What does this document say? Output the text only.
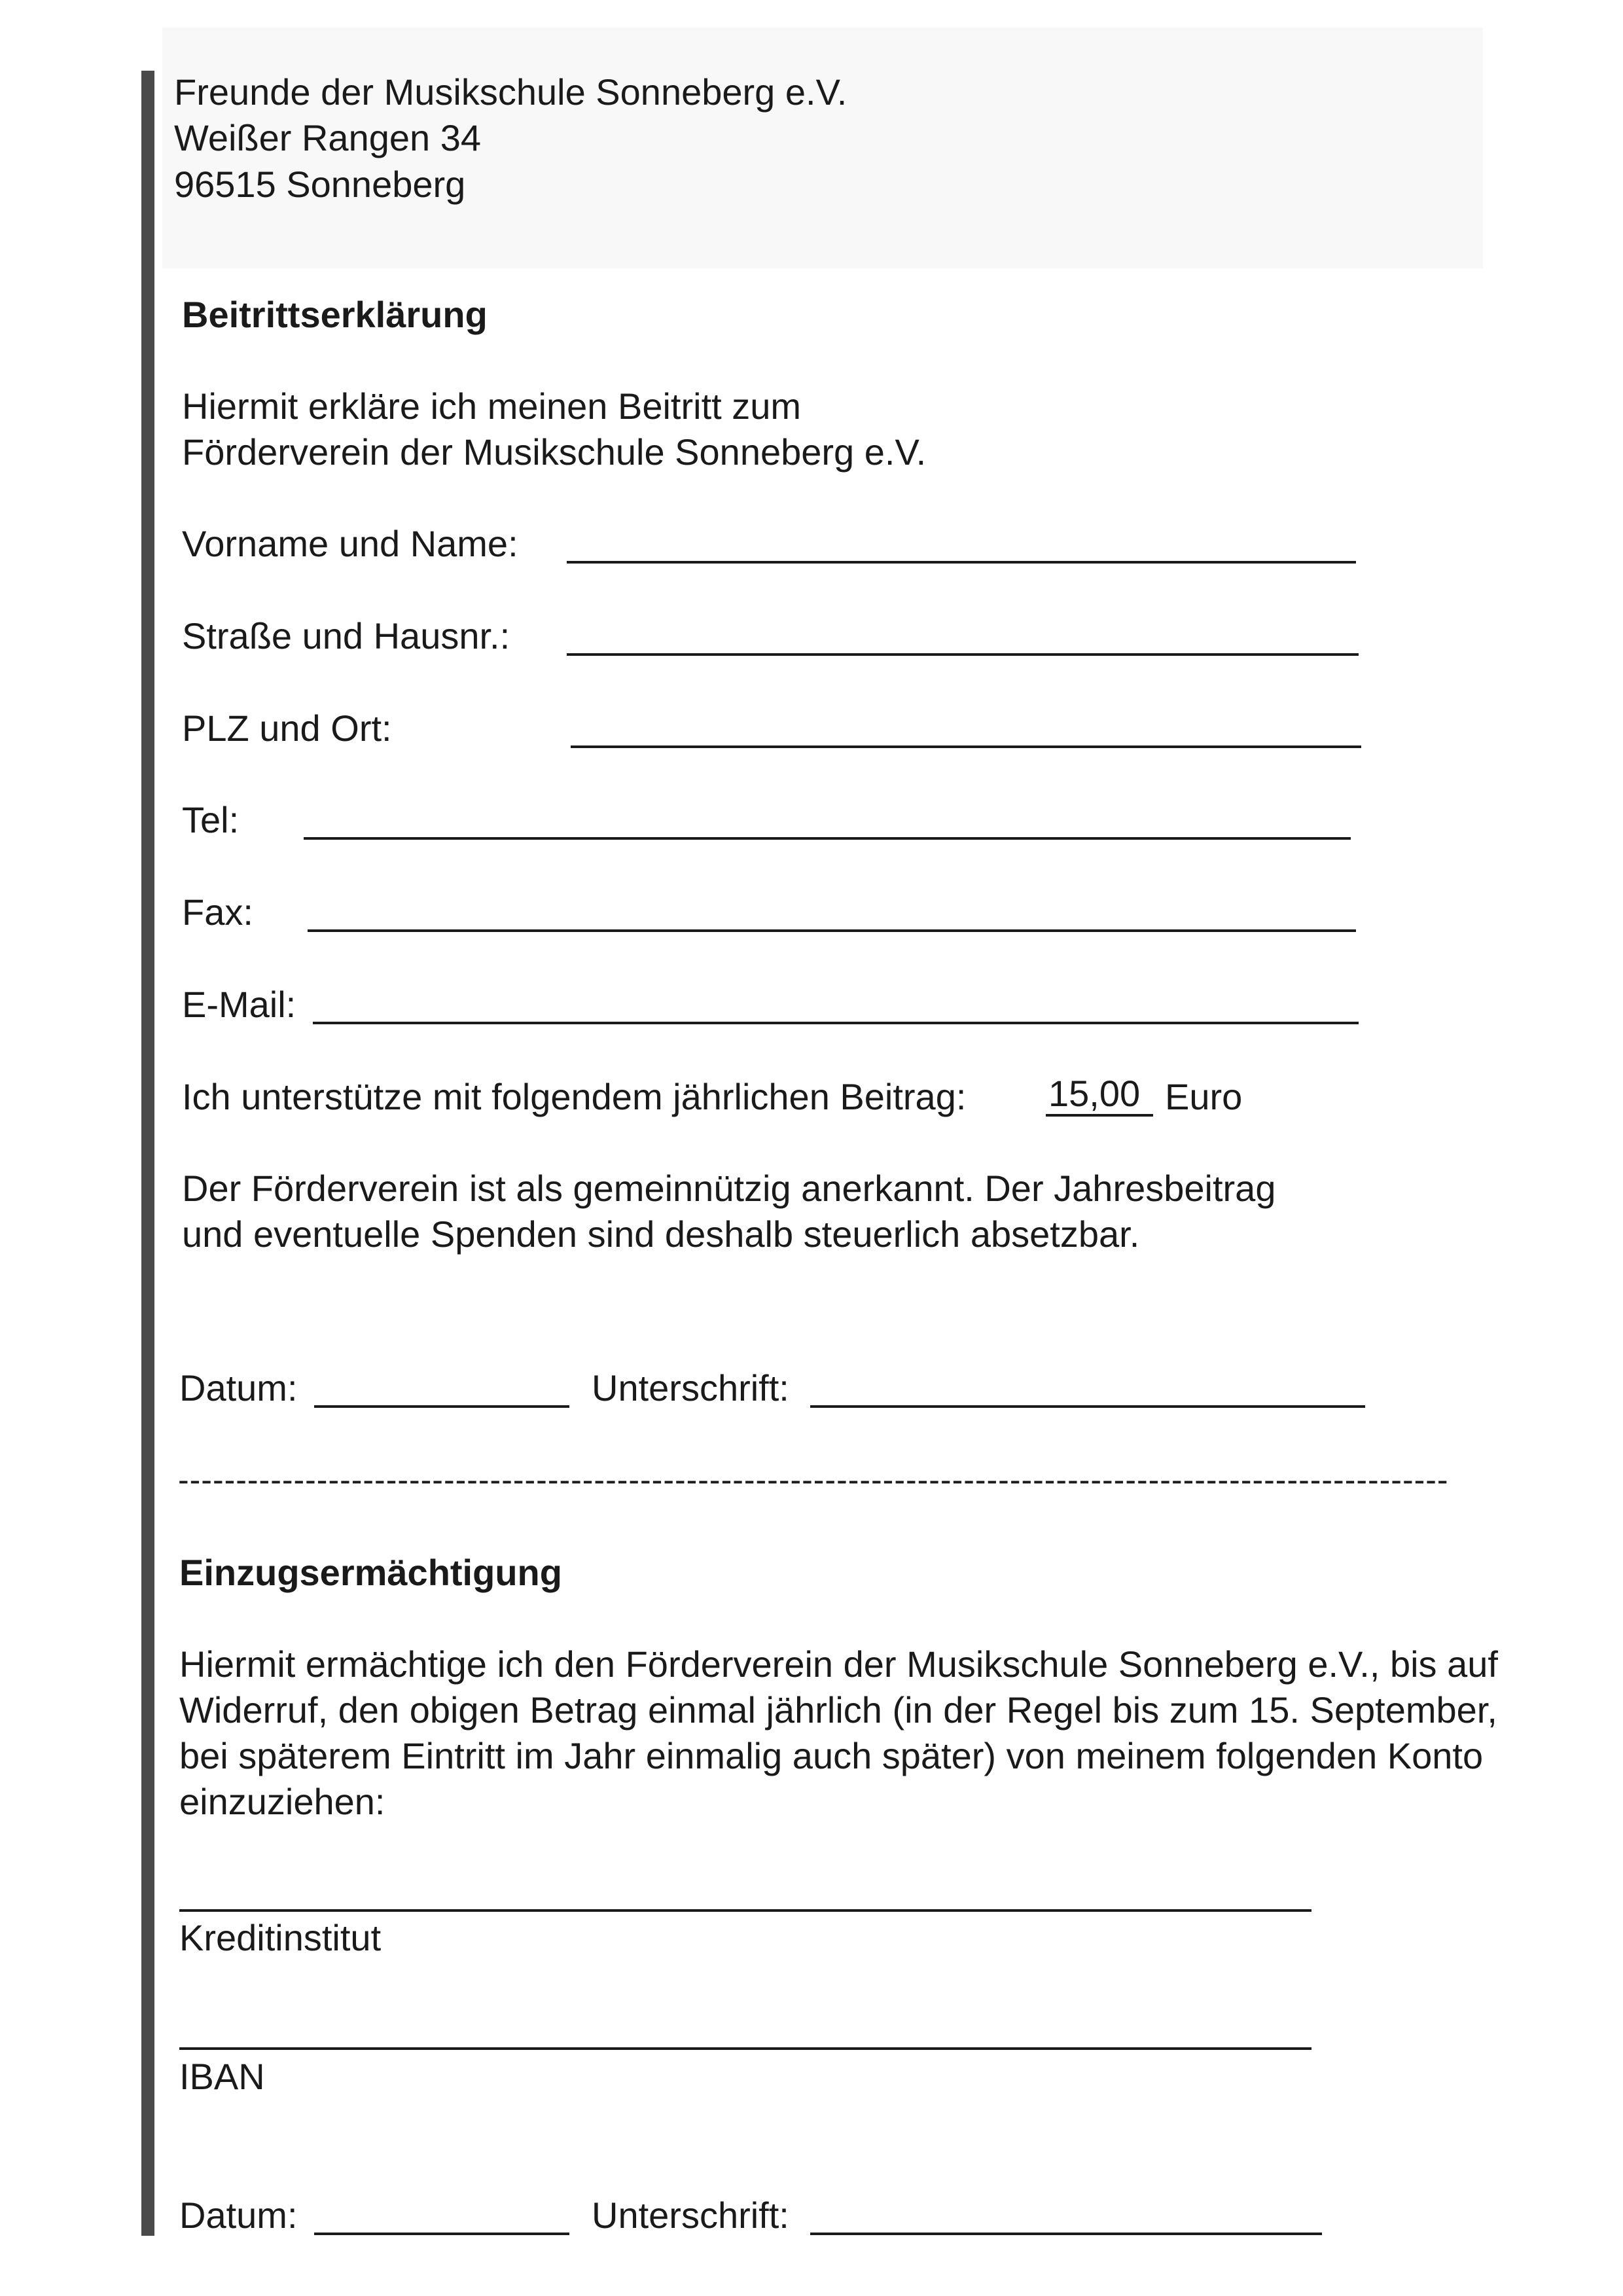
Freunde der Musikschule Sonneberg e.V.
Weißer Rangen 34
96515 Sonneberg
Beitrittserklärung
Hiermit erkläre ich meinen Beitritt zum
Förderverein der Musikschule Sonneberg e.V.
Vorname und Name:
Straße und Hausnr.:
PLZ und Ort:
Tel:
Fax:
E-Mail:
Ich unterstütze mit folgendem jährlichen Beitrag: 15,00 Euro
Der Förderverein ist als gemeinnützig anerkannt. Der Jahresbeitrag
und eventuelle Spenden sind deshalb steuerlich absetzbar.
Datum:	Unterschrift:
--------------------------------------------------------------------------------------------------------------
Einzugsermächtigung
Hiermit ermächtige ich den Förderverein der Musikschule Sonneberg e.V., bis auf
Widerruf, den obigen Betrag einmal jährlich (in der Regel bis zum 15. September,
bei späterem Eintritt im Jahr einmalig auch später) von meinem folgenden Konto
einzuziehen:
Kreditinstitut
IBAN
Datum:	Unterschrift:
